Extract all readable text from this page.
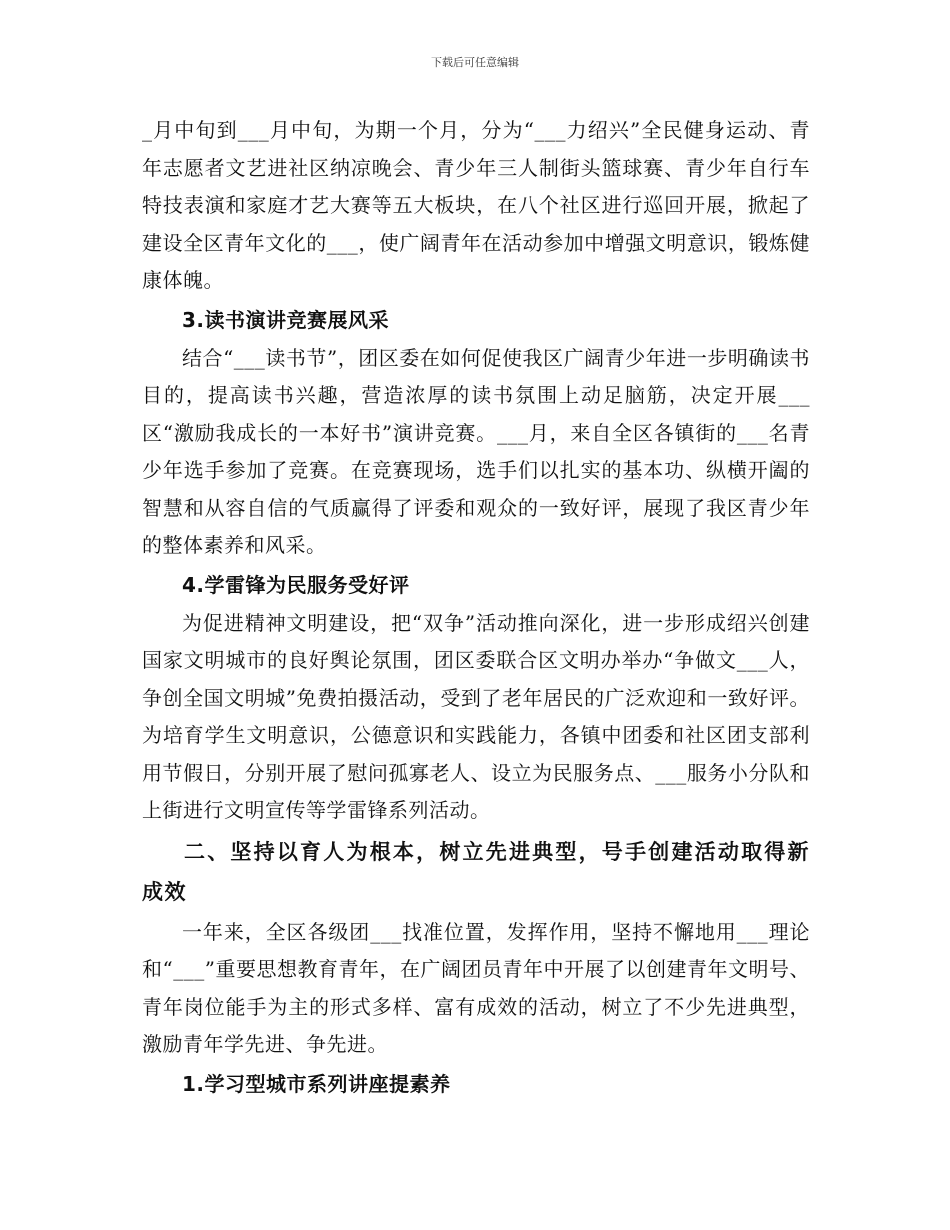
下载后可任意编辑

_月中旬到___月中旬，为期一个月，分为“___力绍兴”全民健身运动、青年志愿者文艺进社区纳凉晚会、青少年三人制街头篮球赛、青少年自行车特技表演和家庭才艺大赛等五大板块，在八个社区进行巡回开展，掀起了建设全区青年文化的___，使广阔青年在活动参加中增强文明意识，锻炼健康体魄。

3.读书演讲竞赛展风采

结合“___读书节”，团区委在如何促使我区广阔青少年进一步明确读书目的，提高读书兴趣，营造浓厚的读书氛围上动足脑筋，决定开展___区“激励我成长的一本好书”演讲竞赛。___月，来自全区各镇街的___名青少年选手参加了竞赛。在竞赛现场，选手们以扎实的基本功、纵横开阖的智慧和从容自信的气质赢得了评委和观众的一致好评，展现了我区青少年的整体素养和风采。

4.学雷锋为民服务受好评

为促进精神文明建设，把“双争”活动推向深化，进一步形成绍兴创建国家文明城市的良好舆论氛围，团区委联合区文明办举办“争做文___人，争创全国文明城”免费拍摄活动，受到了老年居民的广泛欢迎和一致好评。为培育学生文明意识，公德意识和实践能力，各镇中团委和社区团支部利用节假日，分别开展了慰问孤寡老人、设立为民服务点、___服务小分队和上街进行文明宣传等学雷锋系列活动。

二、坚持以育人为根本，树立先进典型，号手创建活动取得新成效

一年来，全区各级团___找准位置，发挥作用，坚持不懈地用___理论和“___”重要思想教育青年，在广阔团员青年中开展了以创建青年文明号、青年岗位能手为主的形式多样、富有成效的活动，树立了不少先进典型，激励青年学先进、争先进。

1.学习型城市系列讲座提素养
